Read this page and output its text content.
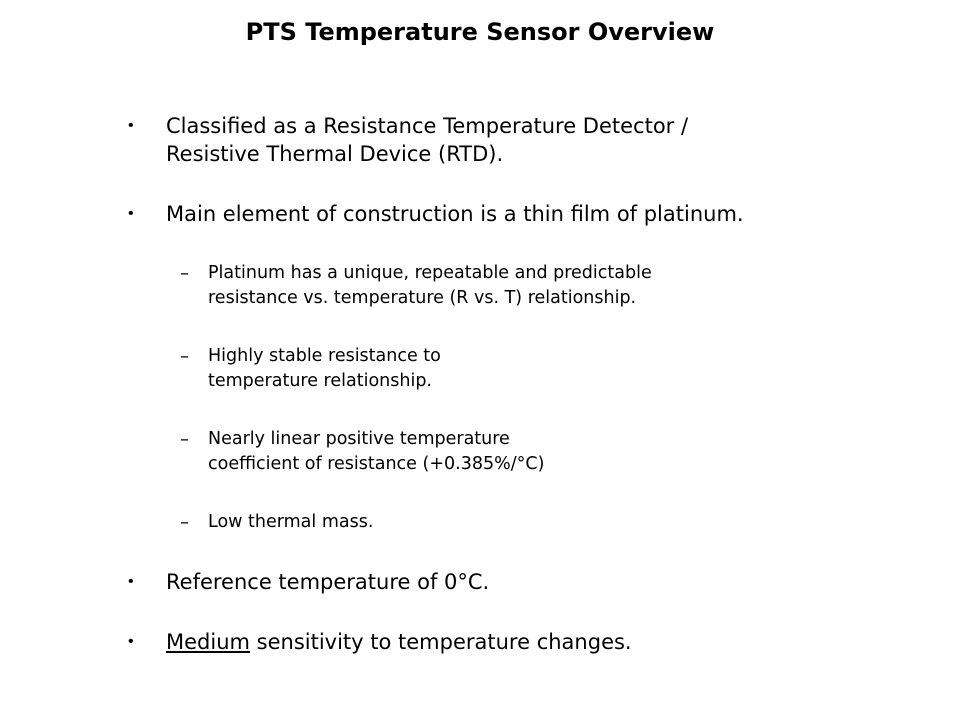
PTS Temperature Sensor Overview
• Classified as a Resistance Temperature Detector /
Resistive Thermal Device (RTD).
• Main element of construction is a thin film of platinum.
– Platinum has a unique, repeatable and predictable
resistance vs. temperature (R vs. T) relationship.
– Highly stable resistance to
temperature relationship.
– Nearly linear positive temperature
coefficient of resistance (+0.385%/°C)
– Low thermal mass.
• Reference temperature of 0°C.
• Medium sensitivity to temperature changes.
